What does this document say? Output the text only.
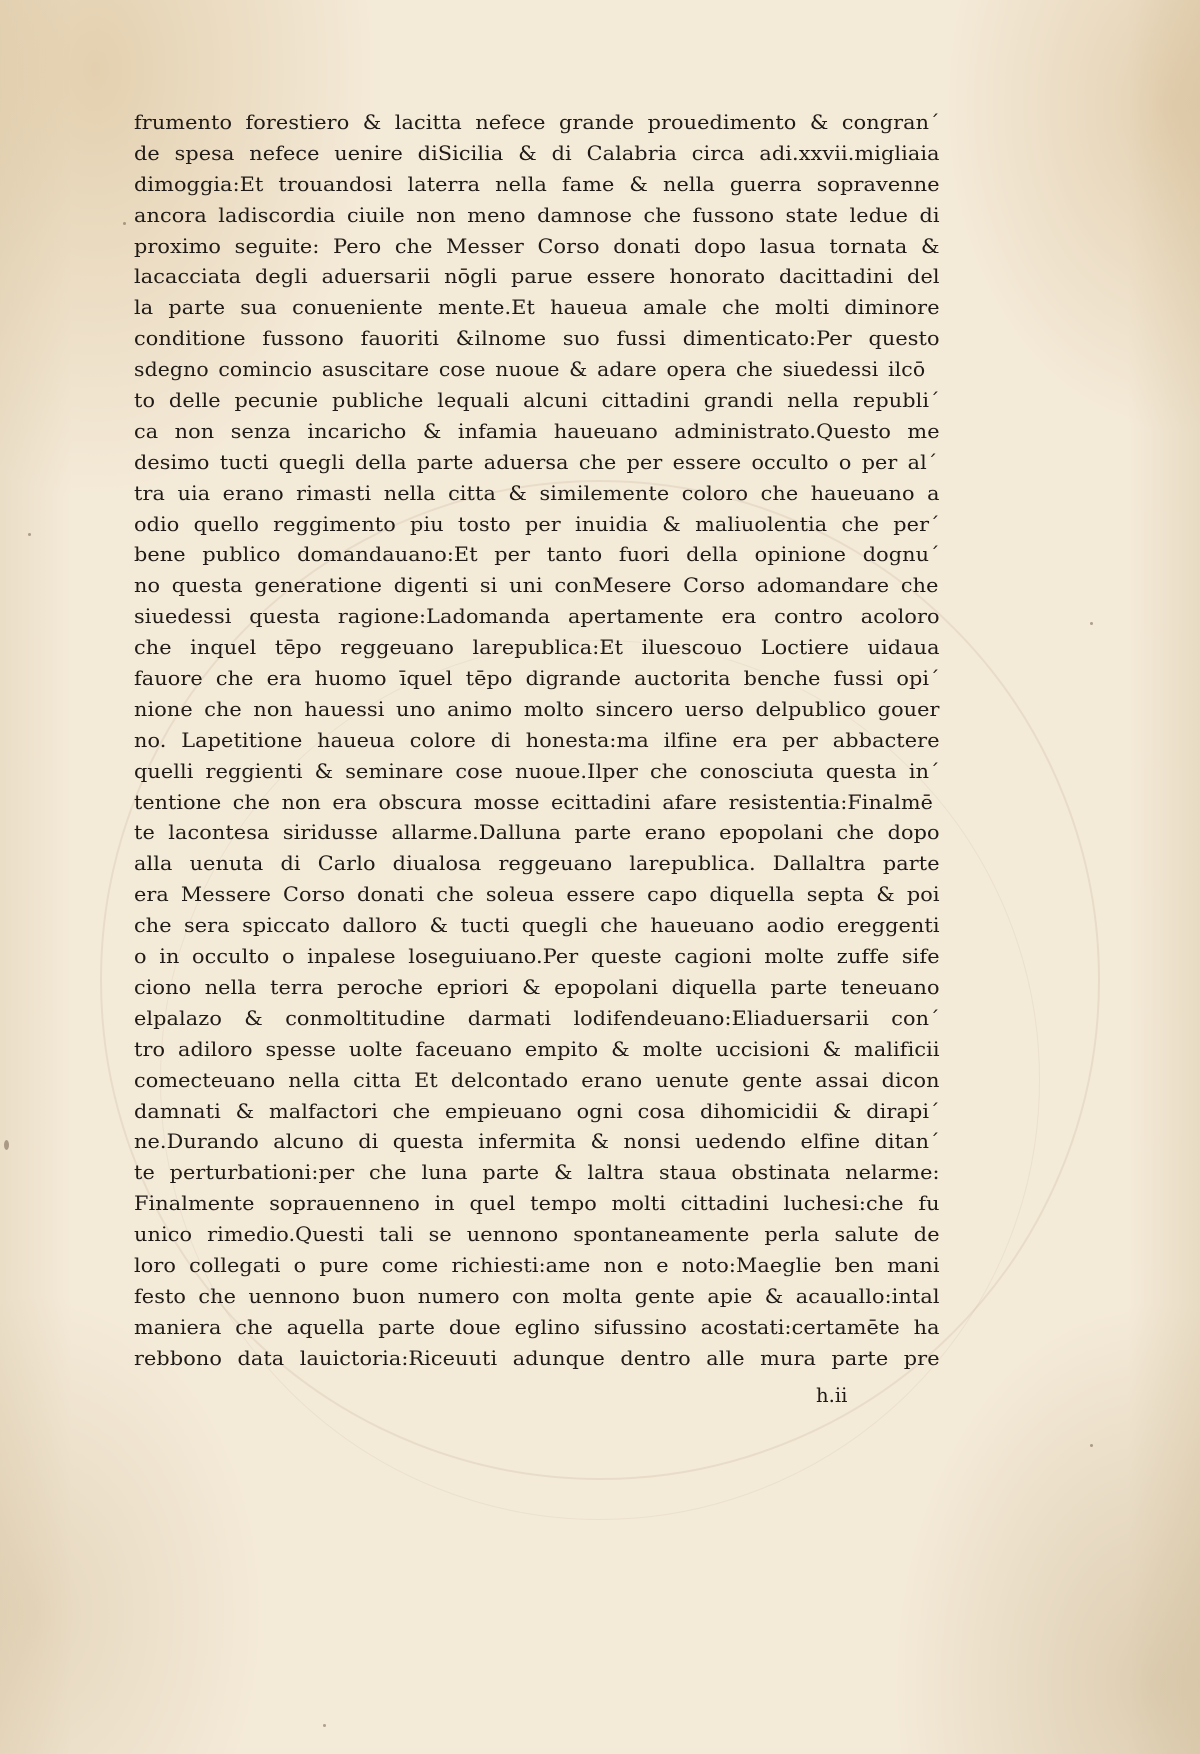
frumento forestiero & lacitta nefece grande prouedimento & congran´
de spesa nefece uenire diSicilia & di Calabria circa adi.xxvii.migliaia
dimoggia:Et trouandosi laterra nella fame & nella guerra sopravenne
ancora ladiscordia ciuile non meno damnose che fussono state ledue di
proximo seguite: Pero che Messer Corso donati dopo lasua tornata &
lacacciata degli aduersarii nōgli parue essere honorato dacittadini del
la parte sua conueniente mente.Et haueua amale che molti diminore
conditione fussono fauoriti &ilnome suo fussi dimenticato:Per questo
sdegno comincio asuscitare cose nuoue & adare opera che siuedessi ilcō
to delle pecunie publiche lequali alcuni cittadini grandi nella republi´
ca non senza incaricho & infamia haueuano administrato.Questo me
desimo tucti quegli della parte aduersa che per essere occulto o per al´
tra uia erano rimasti nella citta & similemente coloro che haueuano a
odio quello reggimento piu tosto per inuidia & maliuolentia che per´
bene publico domandauano:Et per tanto fuori della opinione dognu´
no questa generatione digenti si uni conMesere Corso adomandare che
siuedessi questa ragione:Ladomanda apertamente era contro acoloro
che inquel tēpo reggeuano larepublica:Et iluescouo Loctiere uidaua
fauore che era huomo īquel tēpo digrande auctorita benche fussi opi´
nione che non hauessi uno animo molto sincero uerso delpublico gouer
no. Lapetitione haueua colore di honesta:ma ilfine era per abbactere
quelli reggienti & seminare cose nuoue.Ilper che conosciuta questa in´
tentione che non era obscura mosse ecittadini afare resistentia:Finalmē
te lacontesa siridusse allarme.Dalluna parte erano epopolani che dopo
alla uenuta di Carlo diualosa reggeuano larepublica. Dallaltra parte
era Messere Corso donati che soleua essere capo diquella septa & poi
che sera spiccato dalloro & tucti quegli che haueuano aodio ereggenti
o in occulto o inpalese loseguiuano.Per queste cagioni molte zuffe sife
ciono nella terra peroche epriori & epopolani diquella parte teneuano
elpalazo & conmoltitudine darmati lodifendeuano:Eliaduersarii con´
tro adiloro spesse uolte faceuano empito & molte uccisioni & malificii
comecteuano nella citta Et delcontado erano uenute gente assai dicon
damnati & malfactori che empieuano ogni cosa dihomicidii & dirapi´
ne.Durando alcuno di questa infermita & nonsi uedendo elfine ditan´
te perturbationi:per che luna parte & laltra staua obstinata nelarme:
Finalmente soprauenneno in quel tempo molti cittadini luchesi:che fu
unico rimedio.Questi tali se uennono spontaneamente perla salute de
loro collegati o pure come richiesti:ame non e noto:Maeglie ben mani
festo che uennono buon numero con molta gente apie & acauallo:intal
maniera che aquella parte doue eglino sifussino acostati:certamēte ha
rebbono data lauictoria:Riceuuti adunque dentro alle mura parte pre
h.ii
